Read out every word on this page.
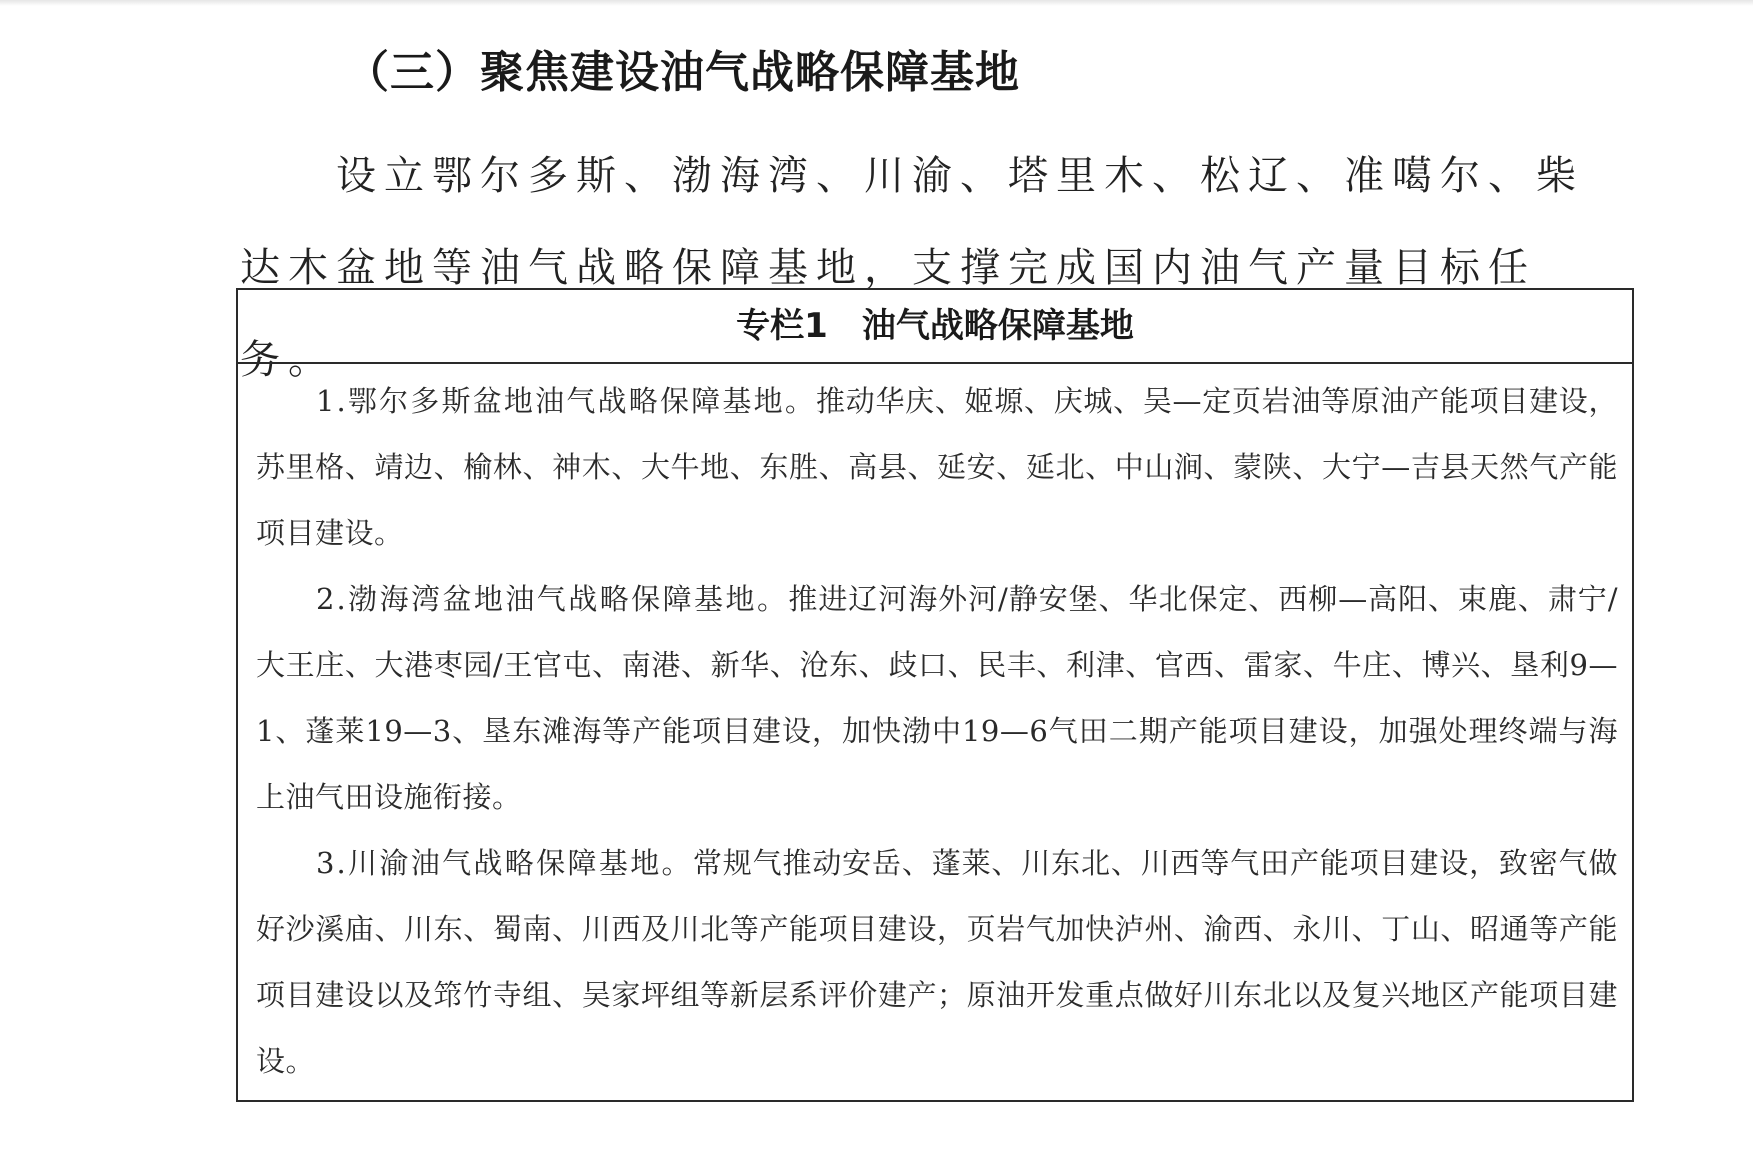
（三）聚焦建设油气战略保障基地

设立鄂尔多斯、渤海湾、川渝、塔里木、松辽、准噶尔、柴达木盆地等油气战略保障基地，支撑完成国内油气产量目标任务。

专栏1　油气战略保障基地

1.鄂尔多斯盆地油气战略保障基地。推动华庆、姬塬、庆城、吴—定页岩油等原油产能项目建设，苏里格、靖边、榆林、神木、大牛地、东胜、高县、延安、延北、中山涧、蒙陕、大宁—吉县天然气产能项目建设。

2.渤海湾盆地油气战略保障基地。推进辽河海外河/静安堡、华北保定、西柳—高阳、束鹿、肃宁/大王庄、大港枣园/王官屯、南港、新华、沧东、歧口、民丰、利津、官西、雷家、牛庄、博兴、垦利9—1、蓬莱19—3、垦东滩海等产能项目建设，加快渤中19—6气田二期产能项目建设，加强处理终端与海上油气田设施衔接。

3.川渝油气战略保障基地。常规气推动安岳、蓬莱、川东北、川西等气田产能项目建设，致密气做好沙溪庙、川东、蜀南、川西及川北等产能项目建设，页岩气加快泸州、渝西、永川、丁山、昭通等产能项目建设以及筇竹寺组、吴家坪组等新层系评价建产；原油开发重点做好川东北以及复兴地区产能项目建设。
